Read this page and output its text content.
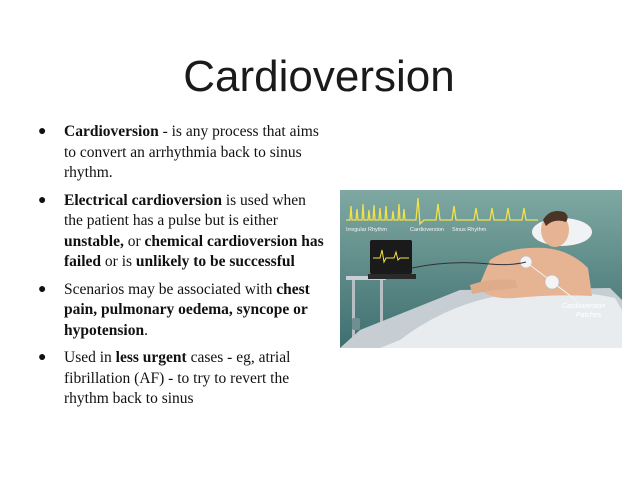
Cardioversion
● Cardioversion - is any process that aims to convert an arrhythmia back to sinus rhythm.
● Electrical cardioversion is used when the patient has a pulse but is either unstable, or chemical cardioversion has failed or is unlikely to be successful
● Scenarios may be associated with chest pain, pulmonary oedema, syncope or hypotension.
● Used in less urgent cases - eg, atrial fibrillation (AF) - to try to revert the rhythm back to sinus
Irregular Rhythm	Cardioversion Sinus Rhythm
Cardioversion
Patches
